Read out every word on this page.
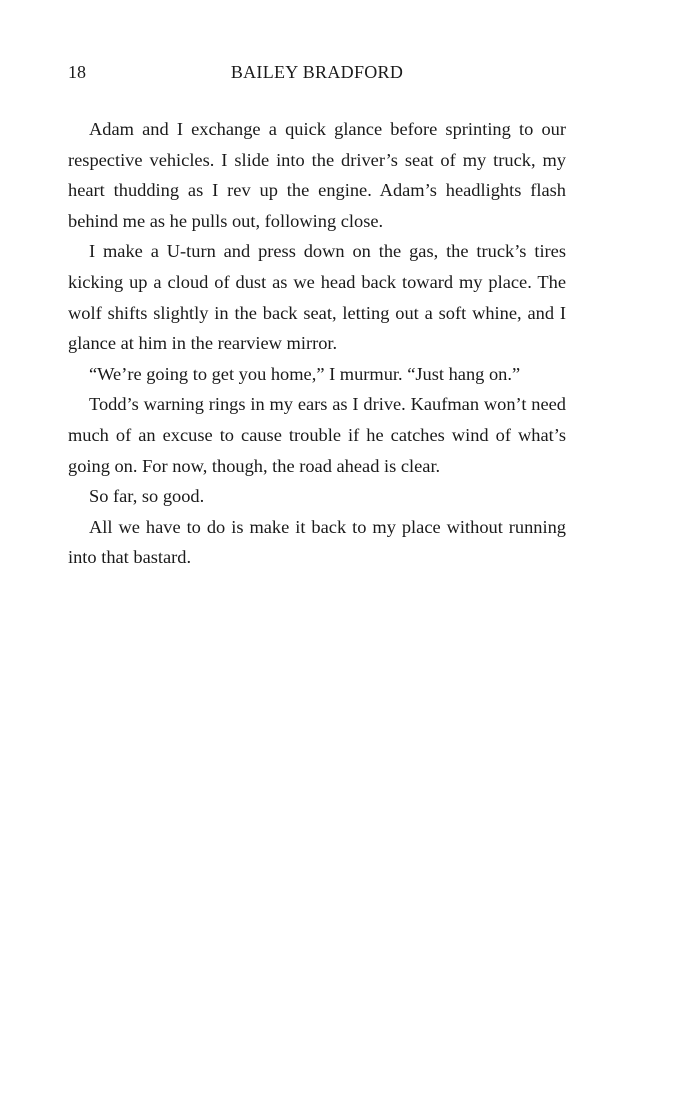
18	BAILEY BRADFORD

Adam and I exchange a quick glance before sprinting to our respective vehicles. I slide into the driver’s seat of my truck, my heart thudding as I rev up the engine. Adam’s headlights flash behind me as he pulls out, following close.

I make a U-turn and press down on the gas, the truck’s tires kicking up a cloud of dust as we head back toward my place. The wolf shifts slightly in the back seat, letting out a soft whine, and I glance at him in the rearview mirror.

“We’re going to get you home,” I murmur. “Just hang on.”

Todd’s warning rings in my ears as I drive. Kaufman won’t need much of an excuse to cause trouble if he catches wind of what’s going on. For now, though, the road ahead is clear.

So far, so good.

All we have to do is make it back to my place without running into that bastard.
